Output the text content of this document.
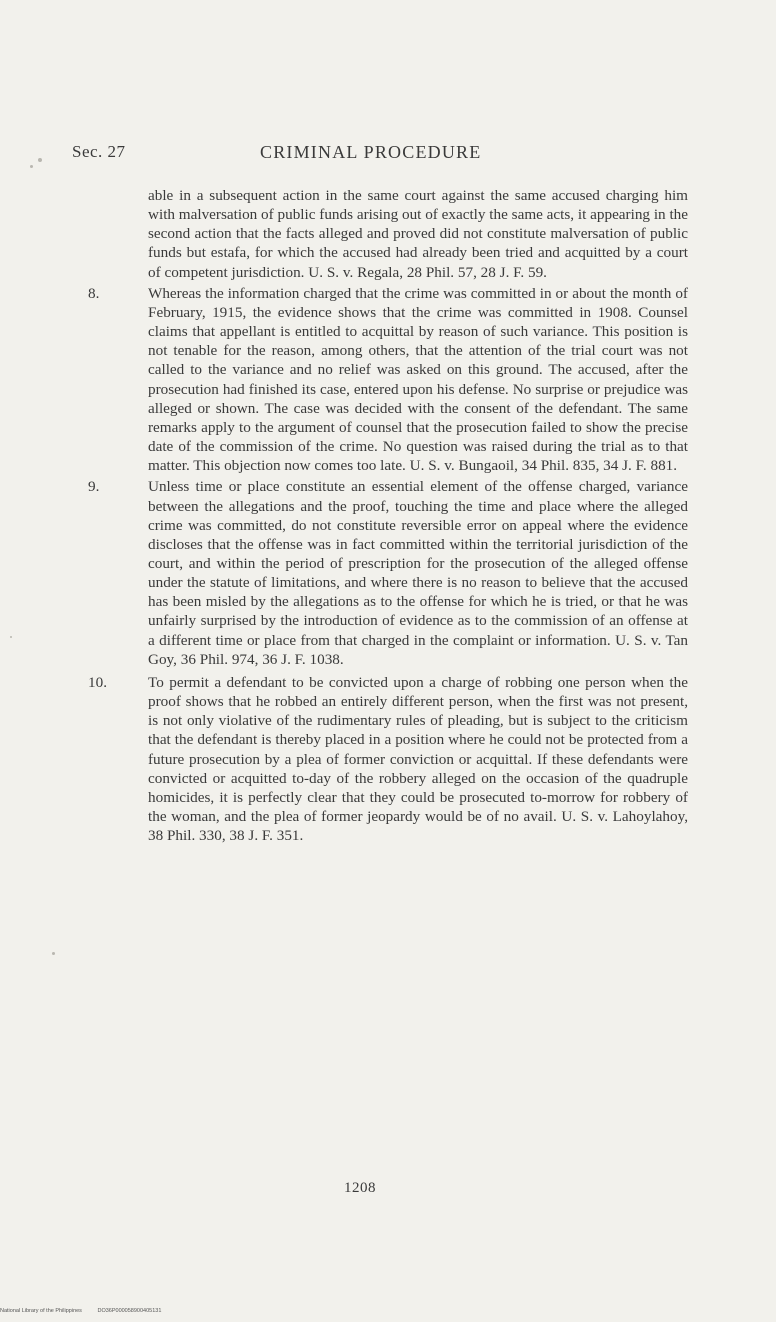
Sec. 27	CRIMINAL PROCEDURE

able in a subsequent action in the same court against the same accused charging him with malversation of public funds arising out of exactly the same acts, it appearing in the second action that the facts alleged and proved did not constitute malversation of public funds but estafa, for which the accused had already been tried and acquitted by a court of competent jurisdiction. U. S. v. Regala, 28 Phil. 57, 28 J. F. 59.

8.	Whereas the information charged that the crime was committed in or about the month of February, 1915, the evidence shows that the crime was committed in 1908. Counsel claims that appellant is entitled to acquittal by reason of such variance. This position is not tenable for the reason, among others, that the attention of the trial court was not called to the variance and no relief was asked on this ground. The accused, after the prosecution had finished its case, entered upon his defense. No surprise or prejudice was alleged or shown. The case was decided with the consent of the defendant. The same remarks apply to the argument of counsel that the prosecution failed to show the precise date of the commission of the crime. No question was raised during the trial as to that matter. This objection now comes too late. U. S. v. Bungaoil, 34 Phil. 835, 34 J. F. 881.

9.	Unless time or place constitute an essential element of the offense charged, variance between the allegations and the proof, touching the time and place where the alleged crime was committed, do not constitute reversible error on appeal where the evidence discloses that the offense was in fact committed within the territorial jurisdiction of the court, and within the period of prescription for the prosecution of the alleged offense under the statute of limitations, and where there is no reason to believe that the accused has been misled by the allegations as to the offense for which he is tried, or that he was unfairly surprised by the introduction of evidence as to the commission of an offense at a different time or place from that charged in the complaint or information. U. S. v. Tan Goy, 36 Phil. 974, 36 J. F. 1038.

10.	To permit a defendant to be convicted upon a charge of robbing one person when the proof shows that he robbed an entirely different person, when the first was not present, is not only violative of the rudimentary rules of pleading, but is subject to the criticism that the defendant is thereby placed in a position where he could not be protected from a future prosecution by a plea of former conviction or acquittal. If these defendants were convicted or acquitted to-day of the robbery alleged on the occasion of the quadruple homicides, it is perfectly clear that they could be prosecuted to-morrow for robbery of the woman, and the plea of former jeopardy would be of no avail. U. S. v. Lahoylahoy, 38 Phil. 330, 38 J. F. 351.

1208
National Library of the Philippines	DO36P000058900405131
